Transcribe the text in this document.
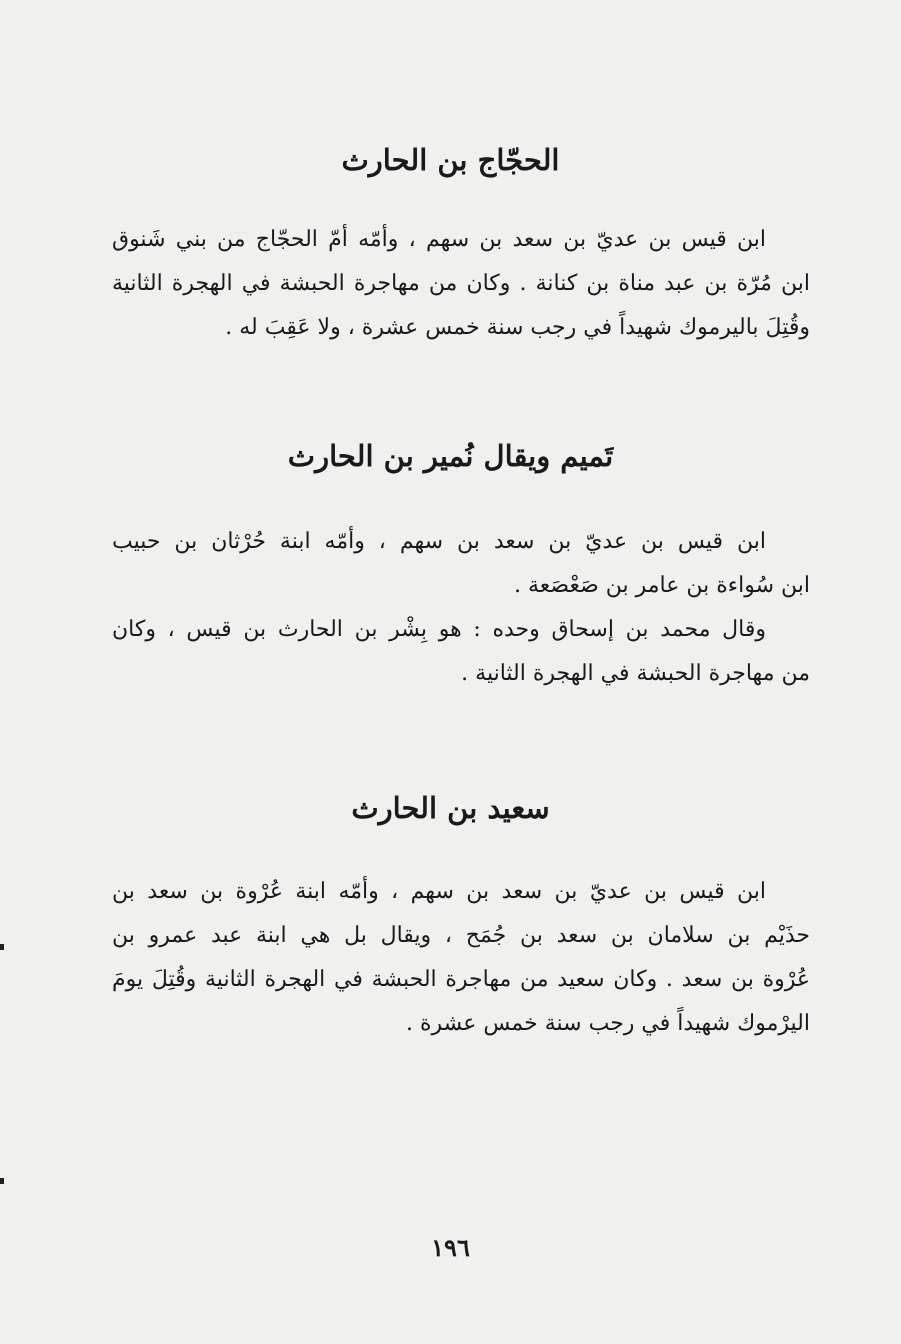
الحجّاج بن الحارث

ابن قيس بن عديّ بن سعد بن سهم ، وأمّه أمّ الحجّاج من بني شَنوق
ابن مُرّة بن عبد مناة بن كنانة . وكان من مهاجرة الحبشة في الهجرة الثانية
وقُتِلَ باليرموك شهيداً في رجب سنة خمس عشرة ، ولا عَقِبَ له .

تَميم ويقال نُمير بن الحارث

ابن قيس بن عديّ بن سعد بن سهم ، وأمّه ابنة حُرْثان بن حبيب
ابن سُواءة بن عامر بن صَعْصَعة .

وقال محمد بن إسحاق وحده : هو بِشْر بن الحارث بن قيس ، وكان
من مهاجرة الحبشة في الهجرة الثانية .

سعيد بن الحارث

ابن قيس بن عديّ بن سعد بن سهم ، وأمّه ابنة عُرْوة بن سعد بن
حذَيْم بن سلامان بن سعد بن جُمَح ، ويقال بل هي ابنة عبد عمرو بن
عُرْوة بن سعد . وكان سعيد من مهاجرة الحبشة في الهجرة الثانية وقُتِلَ يومَ
اليرْموك شهيداً في رجب سنة خمس عشرة .

١٩٦
